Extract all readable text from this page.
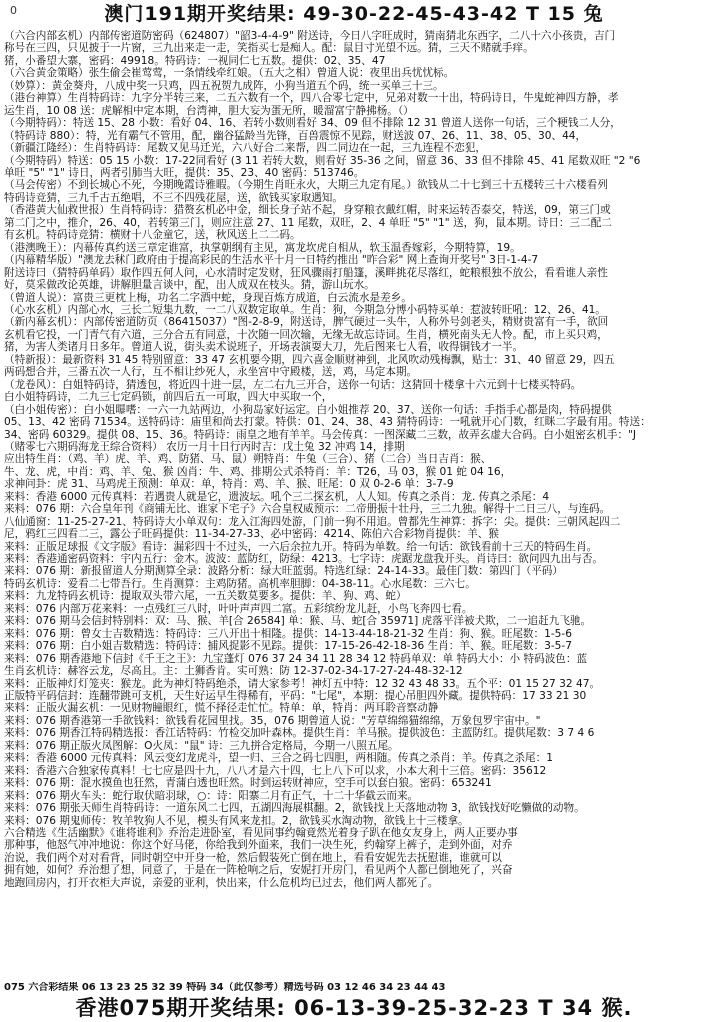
0	澳门191期开奖结果: 49-30-22-45-43-42 T 15 兔
（六合内部玄机）内部传密道防密码（624807）"韶3-4-4-9" 附送诗，今日八字旺成时，猜南猜北东西字，二八十六小孩贵，吉门
称号在三四，只见披于一片窗，三九出来走一走，笑指买七是痴人。配：鼠目寸光望不远。猜，三天不赌就手痒。
猪，小番望大寨，密码：49918。特码诗：一视同仁七五数。提供：02、35、47
（六合黄金策略）张生偷会崔莺莺，一条情线牵红娘。（五大之相）曾道人说：夜里出兵忧忧标。
（妙算）：黄金葵舟，八成中奖一只鸡，四五祝贺九成阵，小狗当道五个码，统一买单三十三。
（港台神算）生肖特码诗：九字分半转三来，二五六数有一个，四八合零七定中，兄弟对数一十出，特码诗日，牛鬼蛇神四方静，孝
运生肖，10 08 送：虎解相中定本期，台湾神，胆大妄为蛋无所，暖溜富宁静拂杨。（）
（今期特码）：特送 15、28 小数：看好 04、16、若转小数则看好 34、09 但不排除 12 31 曾道人送你一句话，三个粳钱二人分，
（特码诗 880）：特，光有霸气不管用，配，幽谷猛龄当先锋，百兽震惊不见踪，财送波 07、26、11、38、05、30、44，
（新疆江隆经）：生肖特码诗：尾数又见马迁光，六八好合二来帮，四二同边在一起，三九连程不恋犯，
（今期特码）特送：05 15 小数：17-22同看好 (3 11 若转大数，则看好 35-36 之间，留意 36、33 但不排除 45、41 尾数双旺 "2 "6
单旺 "5" "1" 诗日，两者引肺当大旺，提供：35、23、40 密码：513746。
（马会传密）不到长城心不死，今期晚霞诗雅暇。（今期生肖旺永火，大期三九定有尾。）欲钱从二十七到三十五楼转三十六楼看列
特码诗竞猜，三九千古五绝唱，不三不四残花屋，送，欲钱买家取遇知。
（香港黄大仙救世报）生肖特码诗：猎赘玄机必中金，细长身子站不起，身穿粮衣戴红帽，时来运转否泰交，特送，09，第三门或
第二门之中，推介，26、40，若转第三门，则应注意 27、11 尾数，双旺，2、4 单旺 "5" "1" 送，狗，鼠本期。诗日：三二配二
有玄机。特码诗竞猜：横财十八金童它，送，秋风送上二二码。
（港澳晚王）：内幕传真约送三章定谁富，执掌朝纲有主见，寓龙坎虎自相从，软玉温香嫁彩，今期特算，19。
（内幕精华版）"澳龙去秫门政府由于提高彩民的生活水平十月一日特约推出 "昨合彩" 网上查询开奖号" 3日-1-4-7
附送诗曰（猜特码单码）取作四五何人问，心水清时定发财，狂风骤雨打船篷，溪畔挑花尽落红，蛇粮根独不放公，看看谁人亲性
好，莫采做改论英雄，讲解胆量言谈中，配，出人成双在枝头。猜，游山玩水。
（曾道人说）：富贵三更枕上梅，功名二字酒中蛇，身现百炼方成道，白云流水是差乡。
（心水玄机）内部心水，三长二短集九数，一二八双数定取单。生肖：狗，今期急分博小码特买单：惹波转旺吼：12、26、41。
（新内幕玄机）：内部传密道防页（86415037）"图-2-8-9，附送诗，脾气硬过一头牛，人称外号剑老头，精财贵富有一手，欲回
玄机看它投，一门青气有六道，三分合五有同意，十次随一回次输，无缘无故忘诗词。生肖，横死南头无人怜。配，市上买只鸡，
猪，为害人类诸月日多年。曾道人说，街头卖术说班子，开场表演耍大刀，先后图来七人看，收得铜钱才一半。
（特新报）：最新资料 31 45 特别留意：33 47 玄机要今期，四六喜金顺财神到，北风吹动残梅飘，贴士：31、40 留意 29，四五
两码想合并，三番五次一人行，互不相让纱死人，永坐宫中守殿楼，送，鸡，马定本期。
（龙卷风）：白姐特码诗，猜透包，将近四十进一层，左二右九三开合，送你一句话：这猜回十楼拿十六元到十七楼买特码。
白小姐特码诗，二九三七定码锁，前四后五一可取，四大中买取一个，
（白小姐传密）：白小姐曝嗜：一六一九站两边，小狗岛家好运定。白小姐推荐 20、37、送你一句话：手指手心都是肉，特码提供
05、13、42 密码 71534。送特码诗：庙里和尚去打蒙。特供：01、24、38、43 猜特码诗：一吼就开心门数，红眯二字最有用。特送：
34、密码 60329。提供 08、15、36。特码诗：雨皇之地有羊羊。马会传真：一图深藏二三数，故弄玄虚大合码。白小姐密玄机手："J
（赌零七六期码海龙王综合资料） 农历一月十日行丙时吉：戊土兔 32 冲鸡 14，排期
应出特生肖：（鸡、羊）虎、羊、鸡、防猪、马、鼠）朔特肖：牛兔（三合）、猪（二合）当日吉肖：猴、
牛、龙、虎，中肖：鸡、羊、兔、猴 凶肖：牛、鸡、排期公式杀特肖：羊：T26，马 03，猴 01 蛇 04 16，
求神问卦：虎 31、马鸡虎王预测：单双：单，特肖：鸡、羊、猴、旺尾：0 双 0-2-6 单：3-7-9
来料：香港 6000 元传真料：若遇贵人就是它，遗波坛。吼个三二探玄机，人人知。传真之杀肖：龙. 传真之杀尾：4
来料：076 期：六合皇年刊《商铺无比、谁家下宅子》六合皇权威预示：二帝册振十壮丹，三二九独。解得十二日三八，与连码。
八仙通窗：11-25-27-21、特码诗大小单双句：龙入江海四处游，门前一狗不用追。曾都先生神算：拆字：尖。提供：三朝风起四二
尼，鸦红三四看二三，露公子旺码提供：11-34-27-33、必中密码：4214、陈伯六合彩物肖提供：羊、猴
来料：正版足球报《文字版》看诗：漏彩四十不过头，一六后余拉九开。特码为单数。给一句话：欲钱看前十三天的特码生肖。
来料：香港通密码资料：宇内五行：金木。波波：蓝防红，防绿：4213。七字诗：虎踞龙盘我开头。肖诗曰：欲问四九出与否。
来料：076 期：新报留道人分期测算全录：波路分析：绿大旺蓝弱。特选红绿：24-14-33。最佳门数：第四门（平码）
特码玄机诗：爱看二七带吾行。生肖测算：主鸡防猪。高机率胆脚：04-38-11。心水尾数：三六七。
来料：九龙特码玄机诗：提取双头带六尾，一五关数莫要多。提供：羊、狗、鸡、蛇）
来料：076 内部万花来料：一点残红三八时，叶叶声声四二富。五彩缤纷龙儿赶，小鸟飞奔四七看。
来料：076 期马会信封特别料：双：马、猴、羊[合 26584] 单：猴、马、蛇[合 35971] 虎落平洋被犬欺，二一追赶九飞驰。
来料：076 期：曾女士吉数精选：特码诗：三八开出十相隆。提供：14-13-44-18-21-32 生肖：狗、猴。旺尾数：1-5-6
来料：076 期：白小姐吉数精选：特码诗：捕风捉影不见踪。提供：17-15-26-42-18-36 生肖：羊、猴。旺尾数：3-5-7
来料：076 期香港地下信封《千王之王》：九宝蓬灯 076 37 24 34 11 28 34 12 特码单双：单 特码大小：小 特码波色：蓝
生肖玄机诗：赫容云龙，尽高且。主：土狮香肯。实可熟：防 12-37-02-34-17-27-24-48-32-12
来料：正版神灯灯笼夹：猴龙。此为神灯特码绝杀，请大家参考！神灯五中特：12 32 43 48 33。五个平：01 15 27 32 47。
正版特平码信封：连翻带跳可支机，天生好运早生得稀有，平码："七尾"，本期：提心吊胆四外藏。提供特码：17 33 21 30
来料：正版火漏玄机：一见财物瞳眼红，慌不择径走忙忙。特单：单，特肖：两耳聆音察动静
来料：076 期香港第一手欲钱料：欲钱看花园里找。35，076 期曾道人说："芳草绵绵猫绵绵，万象包罗宇宙中。"
来料：076 期香江特码精选报：香江话特码：竹检交加叶森林。提供生肖：羊马猴。提供波色：主蓝防红。提供尾数：3 7 4 6
来料：076 期正版火凤图解：O火凤："鼠" 诗：三九拼合定格局，今期一八照五尾。
来料：香港 6000 元传真料：风云变幻龙虎斗，望一归、三合之码七四胆，两相随。传真之杀肖：羊。传真之杀尾：1
来料：香港六合独家传真料！七七应是四十九，八八才是六十四，七上八下可以求，小本大利十三倍。密码：35612
来料：076 期：混水摸鱼也狂然，青蒲白透也旺然。时到运转财神应，空手可以套白狼。密码：653241
来料：076 期火车头：蛇行取伏暗羽球，○：诗：阳寨二月有正气，十二十华截云而来。
来料：076 期张天师生肖特码诗：一道东风二七四，五湖四海展棋翻。2，欲钱找上天落地动物 3，欲钱找好吃懒做的动物。
来料：076 期鬼师传：牧羊牧狗人不见，模头有风来龙扣。2，欲钱买水淘动物，欲钱上十三楼拿。
六合精选《生活幽默》《谁将谁利》乔治走进卧室，看见同事约翰竟然光着身子趴在他女友身上，两人正要办事
那种事，他怒气冲冲地说：你这个好马佬，你给我到外面来，我们一决生死，约翰穿上裤子，走到外面，对乔
治说，我们两个对对看背，同时朝空中开身一枪，然后假装死亡倒在地上，看看安妮先去抚慰谁，谁就可以
拥有她，如何？乔治想了想，同意了，于是在一阵枪响之后，安妮打开房门，看见两个人都已倒地死了，兴奋
地跑回房内，打开衣柜大声说，亲爱的亚利，快出来，什么危机均已过去，他们两人都死了。
075 六合彩结果 06 13 23 25 32 39 特码 34（此仅参考）精选号码 03 12 46 34 23 44 43
香港075期开奖结果: 06-13-39-25-32-23 T 34 猴.
